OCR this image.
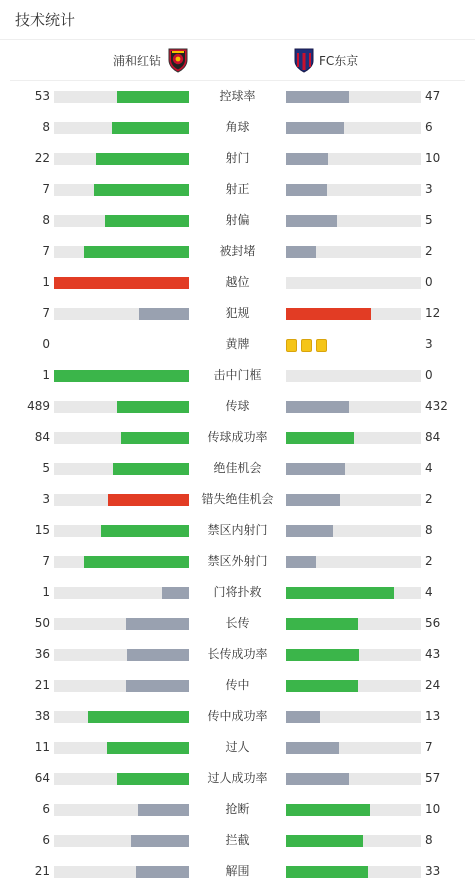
技术统计
浦和红钻	FC东京
53	控球率	47
8	角球	6
22	射门	10
7	射正	3
8	射偏	5
7	被封堵	2
1	越位	0
7	犯规	12
0	黄牌	3
1	击中门框	0
489	传球	432
84	传球成功率	84
5	绝佳机会	4
3	错失绝佳机会	2
15	禁区内射门	8
7	禁区外射门	2
1	门将扑救	4
50	长传	56
36	长传成功率	43
21	传中	24
38	传中成功率	13
11	过人	7
64	过人成功率	57
6	抢断	10
6	拦截	8
21	解围	33
